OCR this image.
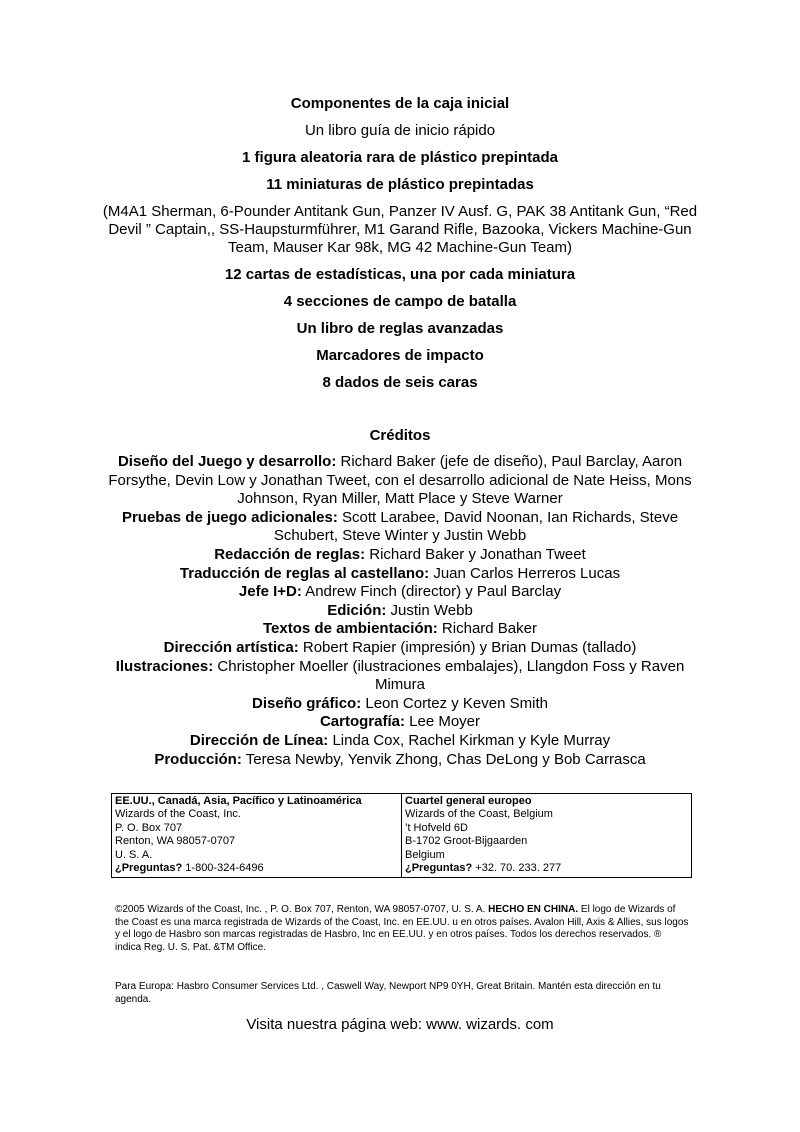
Componentes de la caja inicial

Un libro guía de inicio rápido

1 figura aleatoria rara de plástico prepintada

11 miniaturas de plástico prepintadas

(M4A1 Sherman, 6-Pounder Antitank Gun, Panzer IV Ausf. G, PAK 38 Antitank Gun, “Red Devil ” Captain,, SS-Haupsturmführer, M1 Garand Rifle, Bazooka, Vickers Machine-Gun Team, Mauser Kar 98k, MG 42 Machine-Gun Team)

12 cartas de estadísticas, una por cada miniatura

4 secciones de campo de batalla

Un libro de reglas avanzadas

Marcadores de impacto

8 dados de seis caras

Créditos

Diseño del Juego y desarrollo: Richard Baker (jefe de diseño), Paul Barclay, Aaron Forsythe, Devin Low y Jonathan Tweet, con el desarrollo adicional de Nate Heiss, Mons Johnson, Ryan Miller, Matt Place y Steve Warner

Pruebas de juego adicionales: Scott Larabee, David Noonan, Ian Richards, Steve Schubert, Steve Winter y Justin Webb

Redacción de reglas: Richard Baker y Jonathan Tweet

Traducción de reglas al castellano: Juan Carlos Herreros Lucas

Jefe I+D: Andrew Finch (director) y Paul Barclay

Edición: Justin Webb

Textos de ambientación: Richard Baker

Dirección artística: Robert Rapier (impresión) y Brian Dumas (tallado)

Ilustraciones: Christopher Moeller (ilustraciones embalajes), Llangdon Foss y Raven Mimura

Diseño gráfico: Leon Cortez y Keven Smith

Cartografía: Lee Moyer

Dirección de Línea: Linda Cox, Rachel Kirkman y Kyle Murray

Producción: Teresa Newby, Yenvik Zhong, Chas DeLong y Bob Carrasca

EE.UU., Canadá, Asia, Pacífico y Latinoamérica
Wizards of the Coast, Inc.
P. O. Box 707
Renton, WA 98057-0707
U. S. A.
¿Preguntas? 1-800-324-6496

Cuartel general europeo
Wizards of the Coast, Belgium
’t Hofveld 6D
B-1702 Groot-Bijgaarden
Belgium
¿Preguntas? +32. 70. 233. 277

©2005 Wizards of the Coast, Inc. , P. O. Box 707, Renton, WA 98057-0707, U. S. A. HECHO EN CHINA. El logo de Wizards of the Coast es una marca registrada de Wizards of the Coast, Inc. en EE.UU. u en otros países. Avalon Hill, Axis & Allies, sus logos y el logo de Hasbro son marcas registradas de Hasbro, Inc en EE.UU. y en otros países. Todos los derechos reservados. ® indica Reg. U. S. Pat. &TM Office.

Para Europa: Hasbro Consumer Services Ltd. , Caswell Way, Newport NP9 0YH, Great Britain. Mantén esta dirección en tu agenda.

Visita nuestra página web: www. wizards. com
